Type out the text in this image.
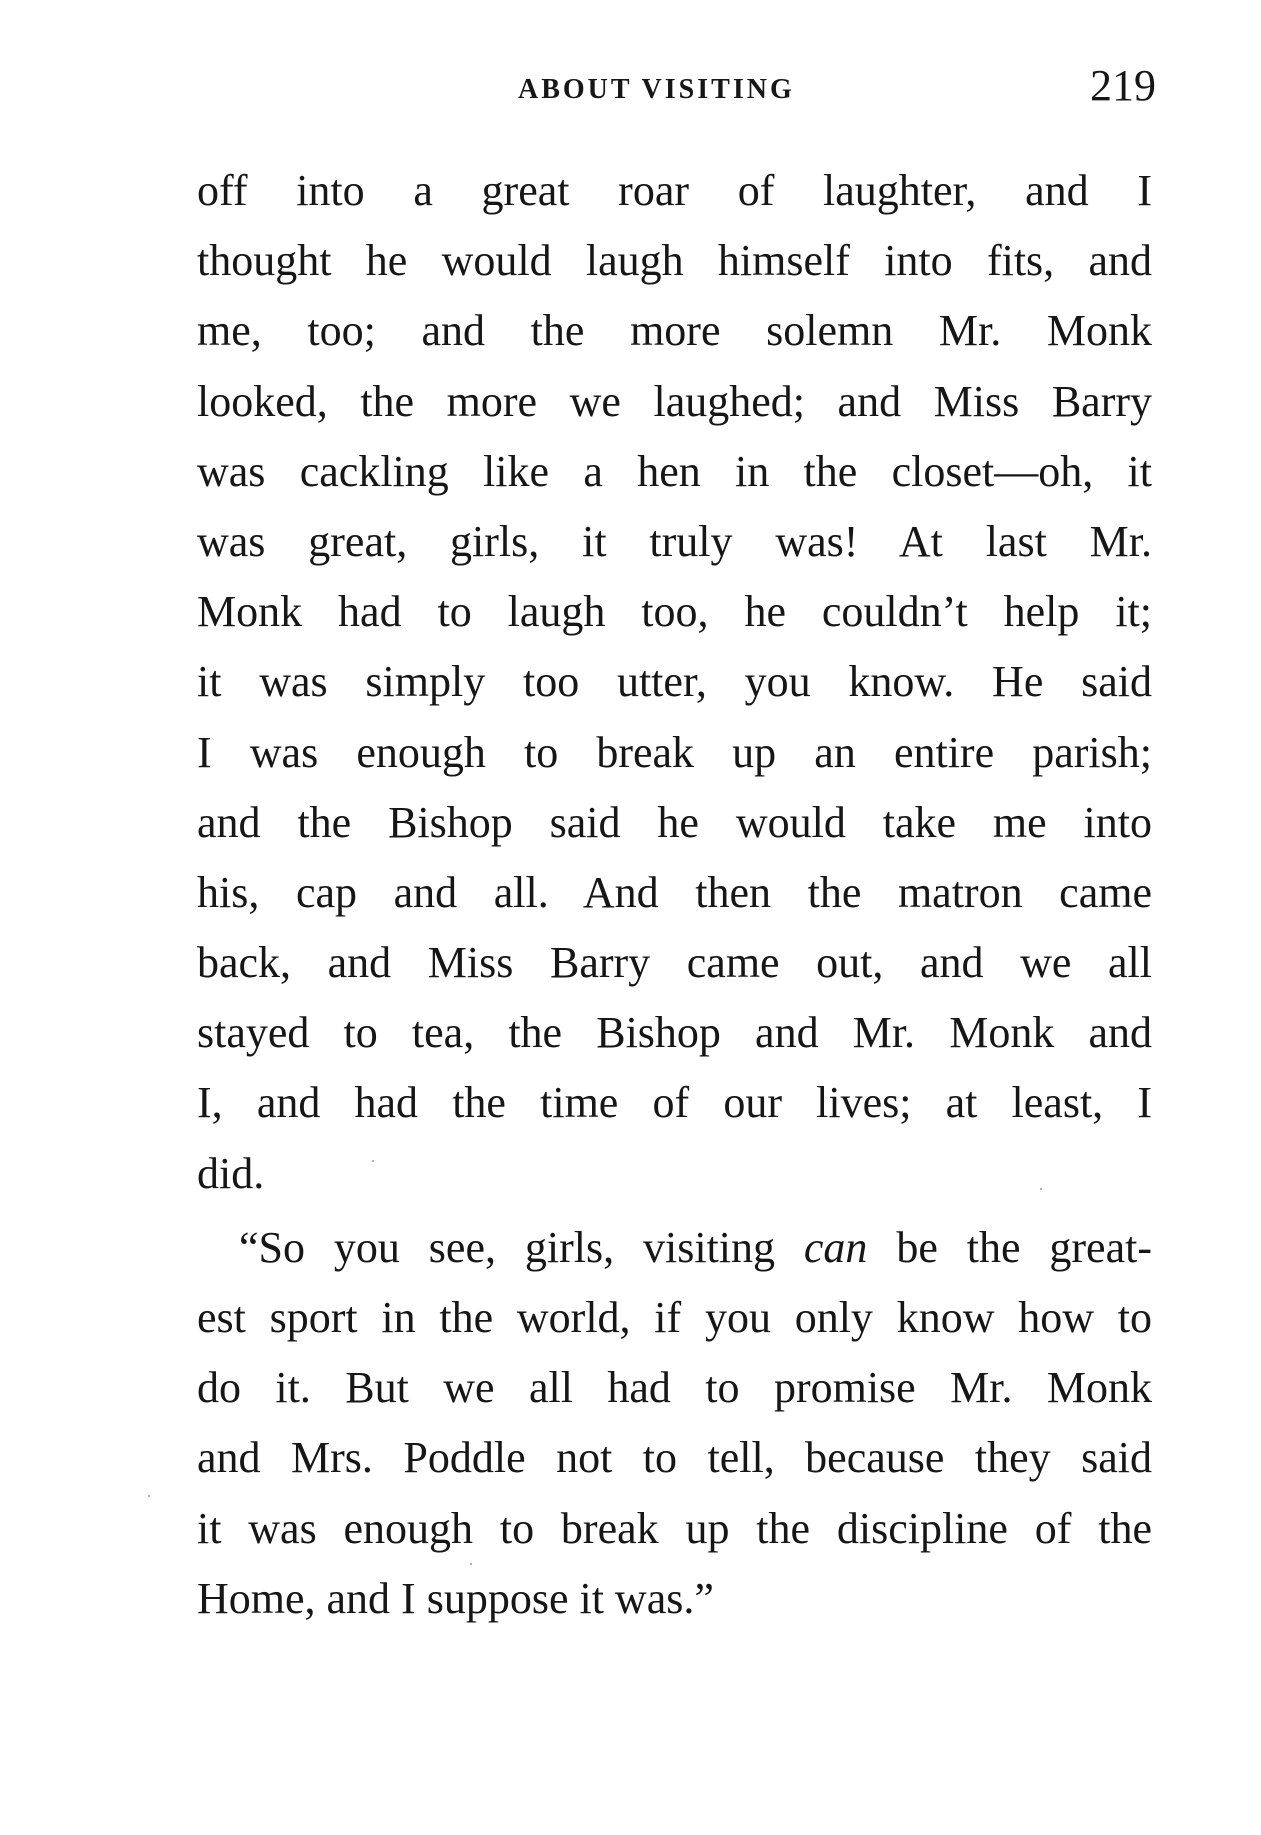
ABOUT VISITING	219
off into a great roar of laughter, and I
thought he would laugh himself into fits, and
me, too; and the more solemn Mr. Monk
looked, the more we laughed; and Miss Barry
was cackling like a hen in the closet—oh, it
was great, girls, it truly was! At last Mr.
Monk had to laugh too, he couldn’t help it;
it was simply too utter, you know. He said
I was enough to break up an entire parish;
and the Bishop said he would take me into
his, cap and all. And then the matron came
back, and Miss Barry came out, and we all
stayed to tea, the Bishop and Mr. Monk and
I, and had the time of our lives; at least, I
did.
“So you see, girls, visiting can be the great-
est sport in the world, if you only know how to
do it. But we all had to promise Mr. Monk
and Mrs. Poddle not to tell, because they said
it was enough to break up the discipline of the
Home, and I suppose it was.”
